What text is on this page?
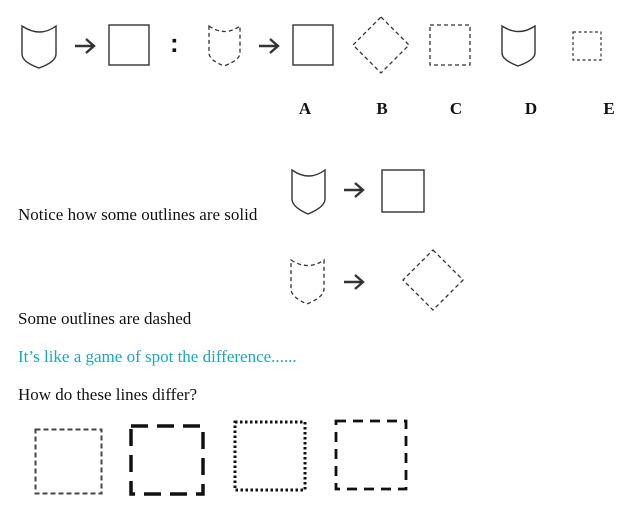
:
A	B	C	D	E
Notice how some outlines are solid
Some outlines are dashed
It’s like a game of spot the difference......
How do these lines differ?
